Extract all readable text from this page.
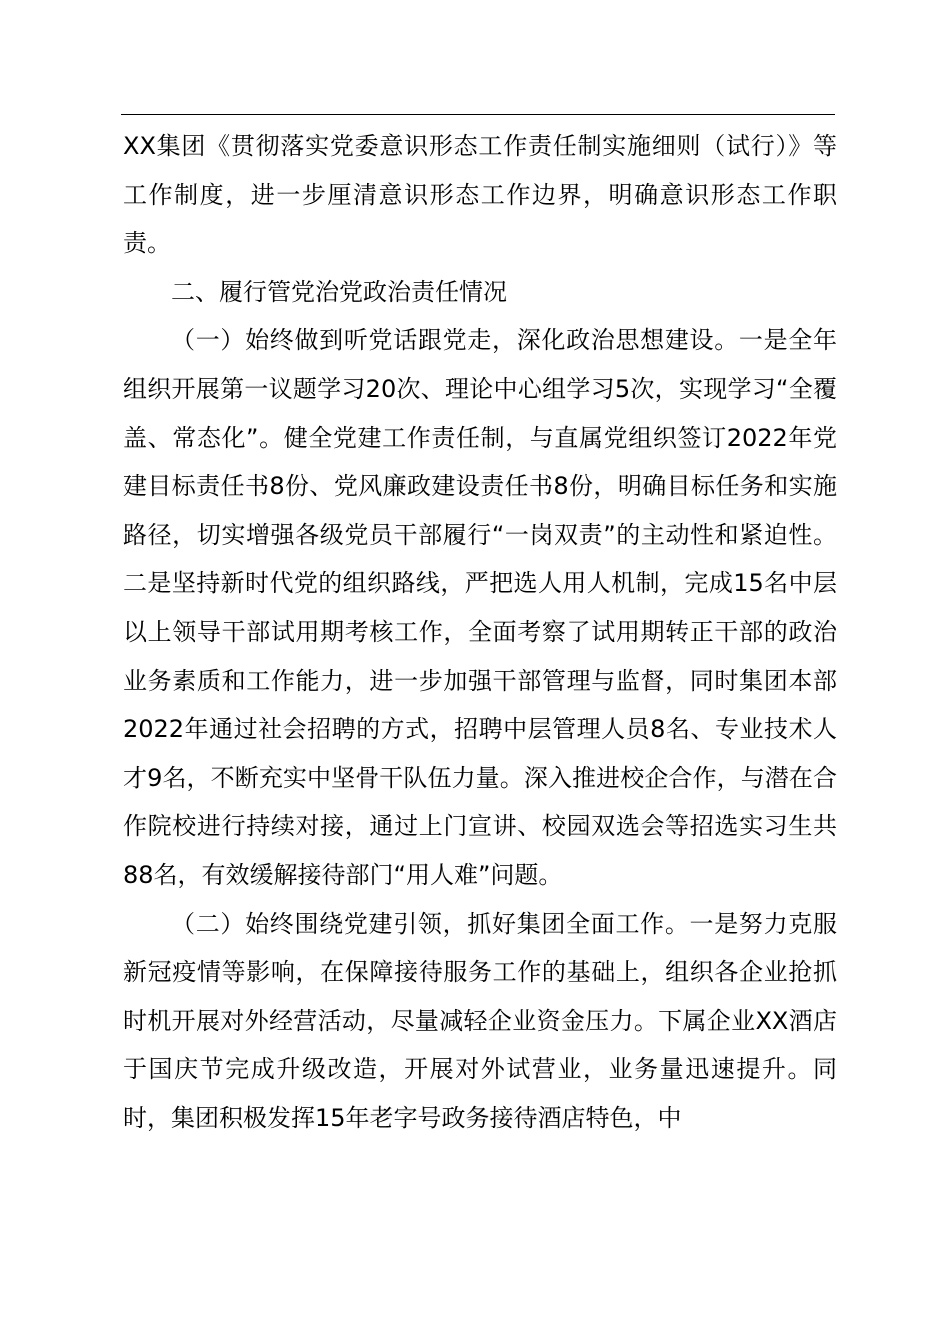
XX集团《贯彻落实党委意识形态工作责任制实施细则（试行）》等工作制度，进一步厘清意识形态工作边界，明确意识形态工作职责。

二、履行管党治党政治责任情况

（一）始终做到听党话跟党走，深化政治思想建设。一是全年组织开展第一议题学习20次、理论中心组学习5次，实现学习“全覆盖、常态化”。健全党建工作责任制，与直属党组织签订2022年党建目标责任书8份、党风廉政建设责任书8份，明确目标任务和实施路径，切实增强各级党员干部履行“一岗双责”的主动性和紧迫性。二是坚持新时代党的组织路线，严把选人用人机制，完成15名中层以上领导干部试用期考核工作，全面考察了试用期转正干部的政治业务素质和工作能力，进一步加强干部管理与监督，同时集团本部2022年通过社会招聘的方式，招聘中层管理人员8名、专业技术人才9名，不断充实中坚骨干队伍力量。深入推进校企合作，与潜在合作院校进行持续对接，通过上门宣讲、校园双选会等招选实习生共88名，有效缓解接待部门“用人难”问题。

（二）始终围绕党建引领，抓好集团全面工作。一是努力克服新冠疫情等影响，在保障接待服务工作的基础上，组织各企业抢抓时机开展对外经营活动，尽量减轻企业资金压力。下属企业XX酒店于国庆节完成升级改造，开展对外试营业，业务量迅速提升。同时，集团积极发挥15年老字号政务接待酒店特色，中
